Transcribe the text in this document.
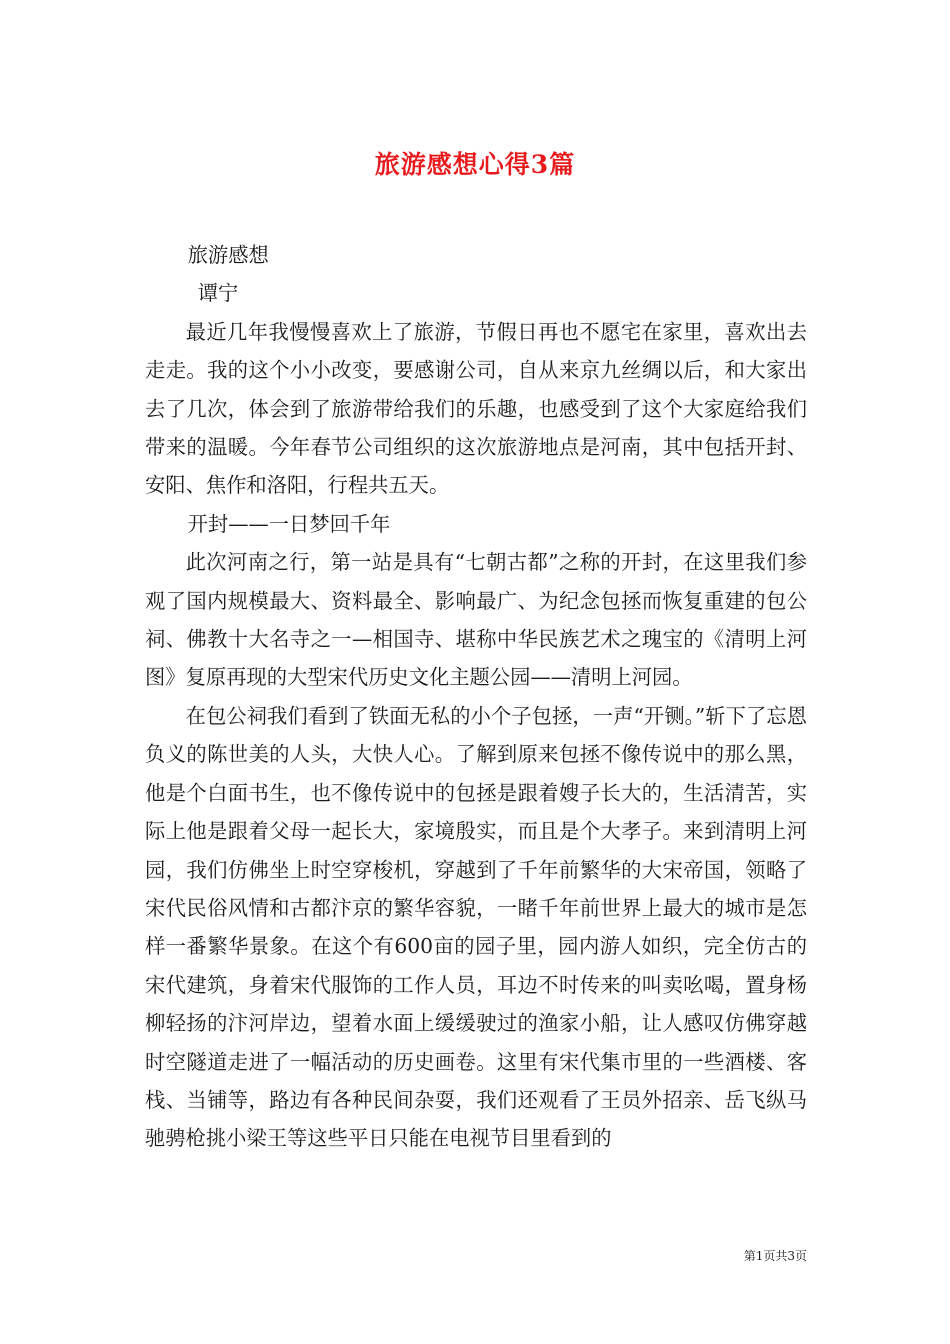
旅游感想心得3篇

旅游感想

谭宁

最近几年我慢慢喜欢上了旅游，节假日再也不愿宅在家里，喜欢出去走走。我的这个小小改变，要感谢公司，自从来京九丝绸以后，和大家出去了几次，体会到了旅游带给我们的乐趣，也感受到了这个大家庭给我们带来的温暖。今年春节公司组织的这次旅游地点是河南，其中包括开封、安阳、焦作和洛阳，行程共五天。

开封——一日梦回千年

此次河南之行，第一站是具有“七朝古都”之称的开封，在这里我们参观了国内规模最大、资料最全、影响最广、为纪念包拯而恢复重建的包公祠、佛教十大名寺之一—相国寺、堪称中华民族艺术之瑰宝的《清明上河图》复原再现的大型宋代历史文化主题公园——清明上河园。

在包公祠我们看到了铁面无私的小个子包拯，一声“开铡。”斩下了忘恩负义的陈世美的人头，大快人心。了解到原来包拯不像传说中的那么黑，他是个白面书生，也不像传说中的包拯是跟着嫂子长大的，生活清苦，实际上他是跟着父母一起长大，家境殷实，而且是个大孝子。来到清明上河园，我们仿佛坐上时空穿梭机，穿越到了千年前繁华的大宋帝国，领略了宋代民俗风情和古都汴京的繁华容貌，一睹千年前世界上最大的城市是怎样一番繁华景象。在这个有600亩的园子里，园内游人如织，完全仿古的宋代建筑，身着宋代服饰的工作人员，耳边不时传来的叫卖吆喝，置身杨柳轻扬的汴河岸边，望着水面上缓缓驶过的渔家小船，让人感叹仿佛穿越时空隧道走进了一幅活动的历史画卷。这里有宋代集市里的一些酒楼、客栈、当铺等，路边有各种民间杂耍，我们还观看了王员外招亲、岳飞纵马驰骋枪挑小梁王等这些平日只能在电视节目里看到的

第1页共3页
